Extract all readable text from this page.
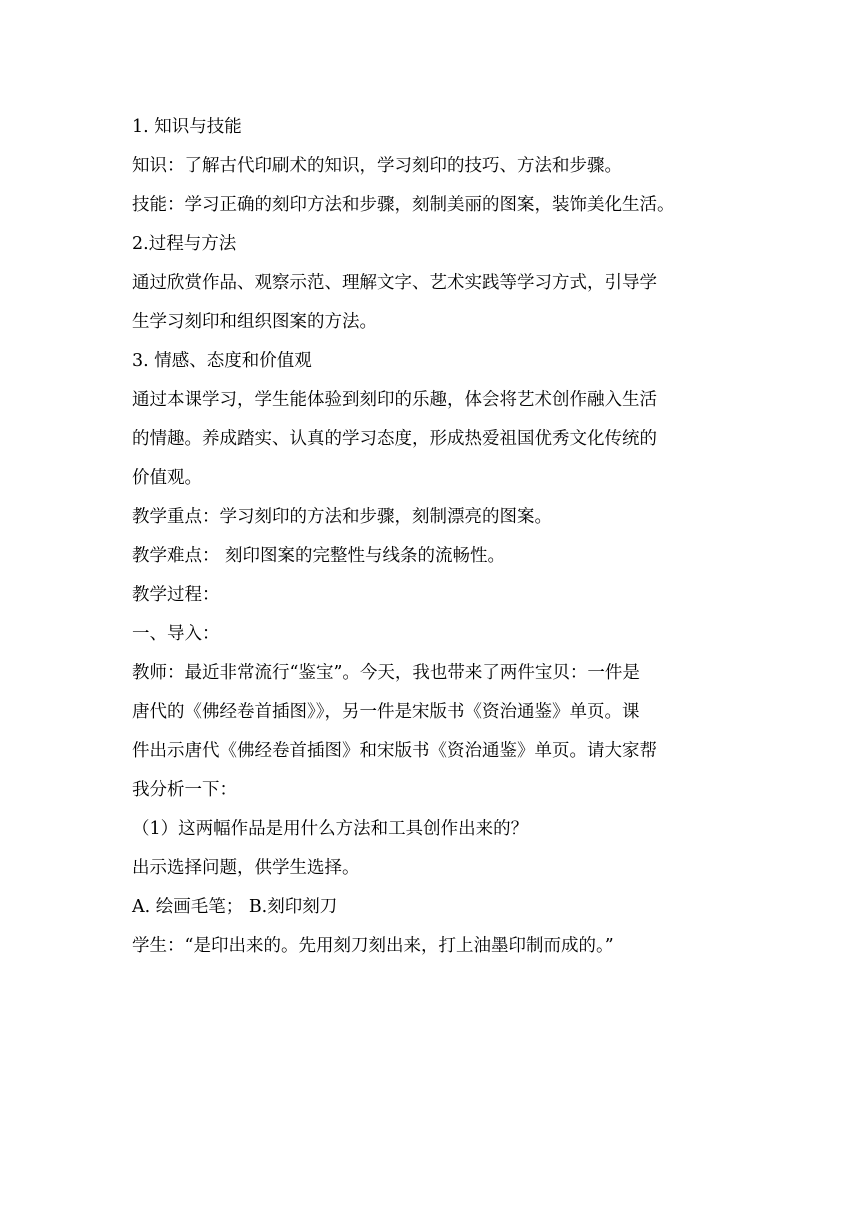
1. 知识与技能

知识：了解古代印刷术的知识，学习刻印的技巧、方法和步骤。

技能：学习正确的刻印方法和步骤，刻制美丽的图案，装饰美化生活。

2.过程与方法

通过欣赏作品、观察示范、理解文字、艺术实践等学习方式，引导学

生学习刻印和组织图案的方法。

3. 情感、态度和价值观

通过本课学习，学生能体验到刻印的乐趣，体会将艺术创作融入生活

的情趣。养成踏实、认真的学习态度，形成热爱祖国优秀文化传统的

价值观。

教学重点：学习刻印的方法和步骤，刻制漂亮的图案。

教学难点： 刻印图案的完整性与线条的流畅性。

教学过程：

一、导入：

教师：最近非常流行“鉴宝”。今天，我也带来了两件宝贝：一件是

唐代的《佛经卷首插图》》，另一件是宋版书《资治通鉴》单页。课

件出示唐代《佛经卷首插图》和宋版书《资治通鉴》单页。请大家帮

我分析一下：

（1）这两幅作品是用什么方法和工具创作出来的？

出示选择问题，供学生选择。

A. 绘画毛笔； B.刻印刻刀

学生：“是印出来的。先用刻刀刻出来，打上油墨印制而成的。”
